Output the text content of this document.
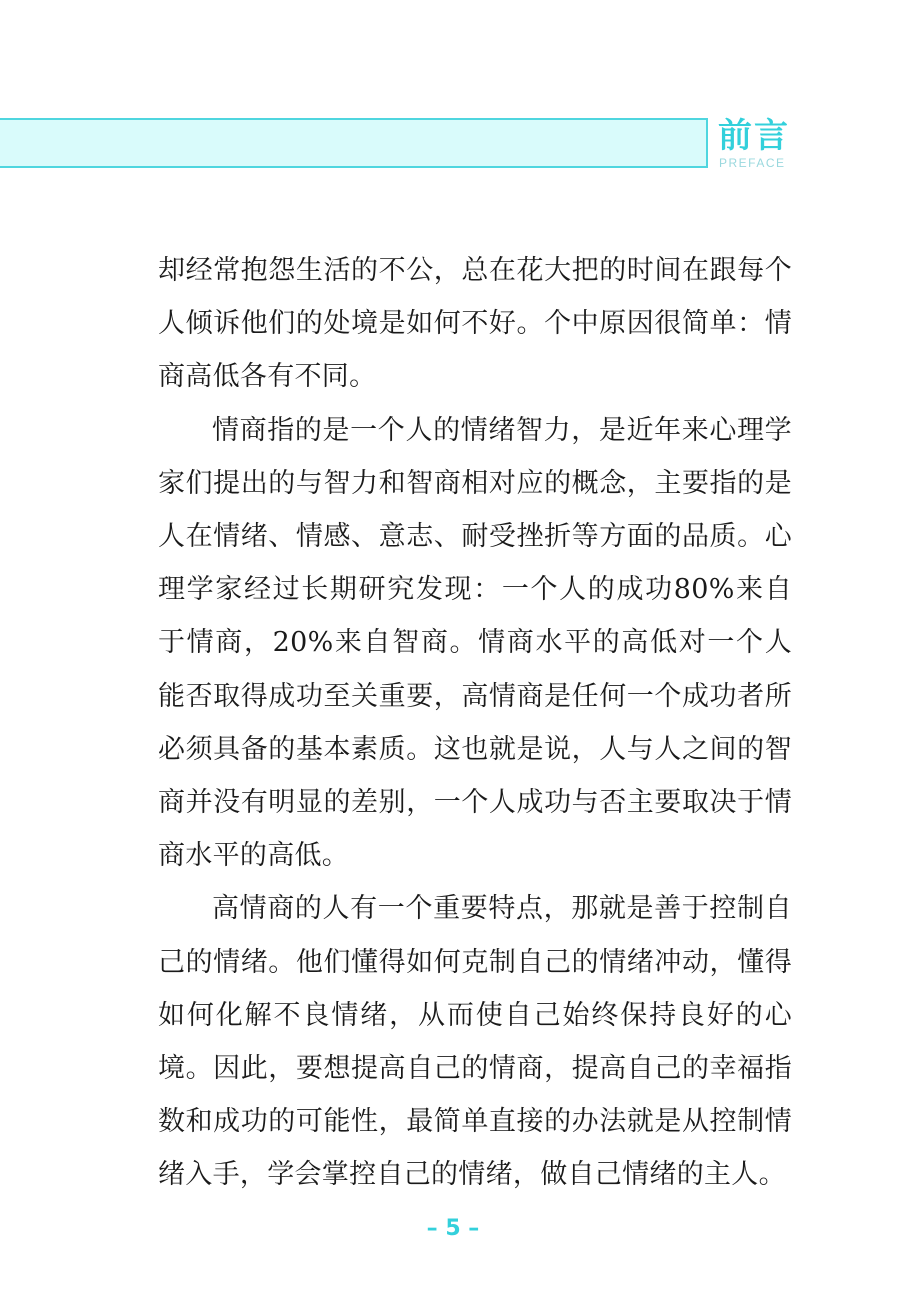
前言
PREFACE

却经常抱怨生活的不公，总在花大把的时间在跟每个人倾诉他们的处境是如何不好。个中原因很简单：情商高低各有不同。

情商指的是一个人的情绪智力，是近年来心理学家们提出的与智力和智商相对应的概念，主要指的是人在情绪、情感、意志、耐受挫折等方面的品质。心理学家经过长期研究发现：一个人的成功80%来自于情商，20%来自智商。情商水平的高低对一个人能否取得成功至关重要，高情商是任何一个成功者所必须具备的基本素质。这也就是说，人与人之间的智商并没有明显的差别，一个人成功与否主要取决于情商水平的高低。

高情商的人有一个重要特点，那就是善于控制自己的情绪。他们懂得如何克制自己的情绪冲动，懂得如何化解不良情绪，从而使自己始终保持良好的心境。因此，要想提高自己的情商，提高自己的幸福指数和成功的可能性，最简单直接的办法就是从控制情绪入手，学会掌控自己的情绪，做自己情绪的主人。

– 5 –
